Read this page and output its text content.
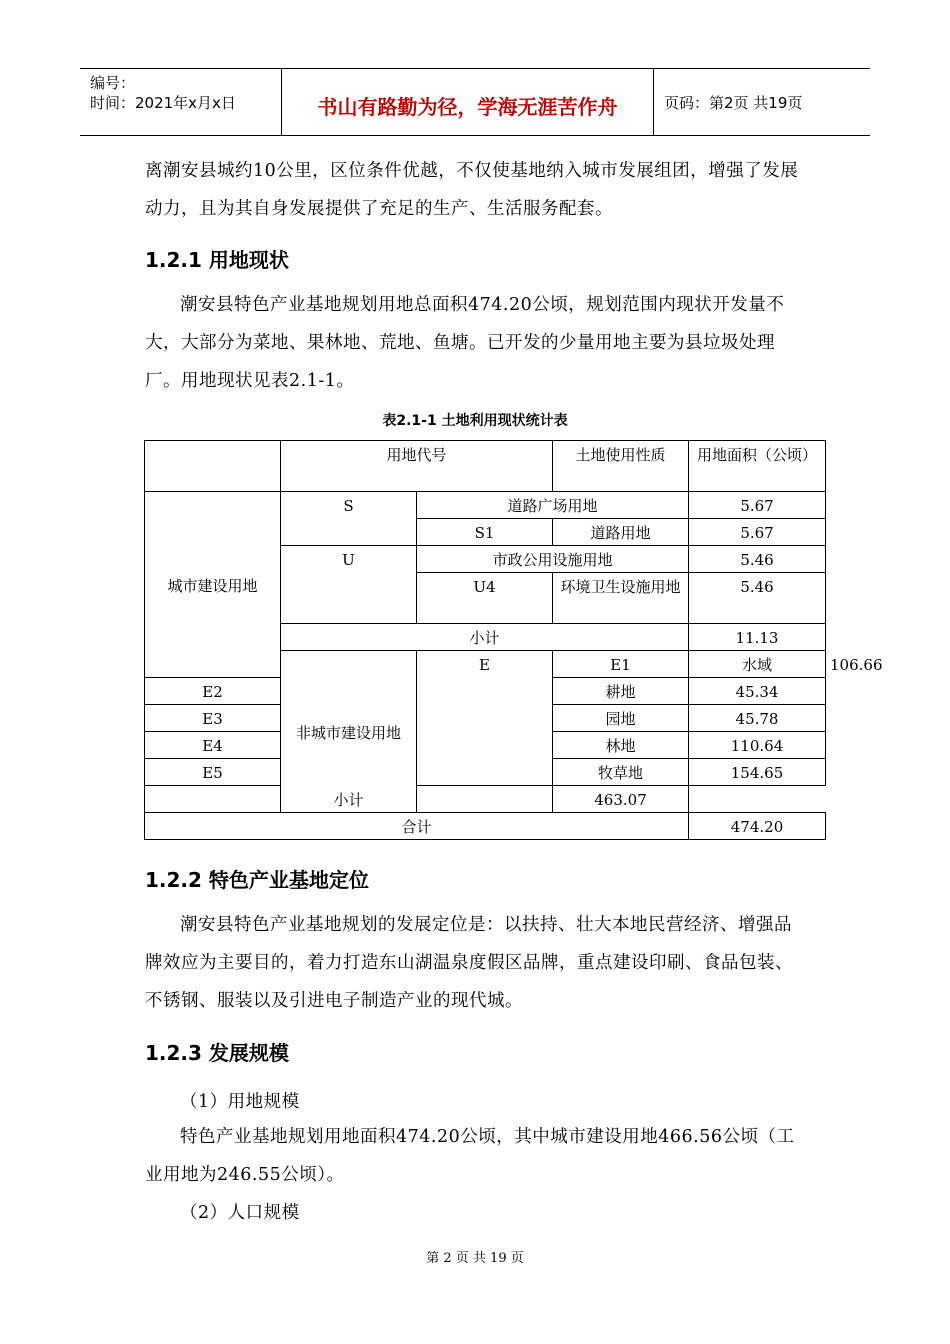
编号：
时间：2021年x月x日	书山有路勤为径，学海无涯苦作舟	页码：第2页 共19页
离潮安县城约10公里，区位条件优越，不仅使基地纳入城市发展组团，增强了发展动力，且为其自身发展提供了充足的生产、生活服务配套。
1.2.1 用地现状
潮安县特色产业基地规划用地总面积474.20公顷，规划范围内现状开发量不大，大部分为菜地、果林地、荒地、鱼塘。已开发的少量用地主要为县垃圾处理厂。用地现状见表2.1-1。
表2.1-1 土地利用现状统计表
	用地代号		土地使用性质	用地面积（公顷）	
城市建设用地	S	道路广场用地		5.67	
		S1	道路用地	5.67	
	U	市政公用设施用地		5.46	
		U4	环境卫生设施用地	5.46	
	小计			11.13	
	非城市建设用地	E	E1	水域	106.66
E2			耕地	45.34	
E3			园地	45.78	
E4			林地	110.64	
E5			牧草地	154.65	
小计			463.07		
合计				474.20	
1.2.2 特色产业基地定位
潮安县特色产业基地规划的发展定位是：以扶持、壮大本地民营经济、增强品牌效应为主要目的，着力打造东山湖温泉度假区品牌，重点建设印刷、食品包装、不锈钢、服装以及引进电子制造产业的现代城。
1.2.3 发展规模
（1）用地规模
特色产业基地规划用地面积474.20公顷，其中城市建设用地466.56公顷（工业用地为246.55公顷）。
（2）人口规模
第 2 页 共 19 页
